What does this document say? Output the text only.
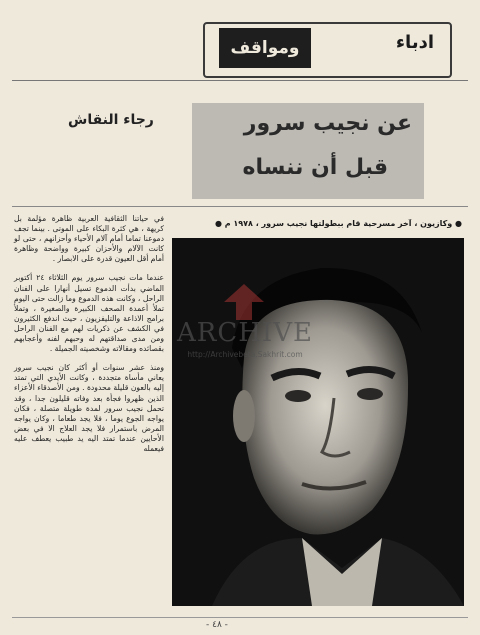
ادباء
ومواقف
عن نجيب سرور
قبل أن ننساه
رجاء النقاش
● وكازيون ، آخر مسرحية قام ببطولتها نجيب سرور ، ١٩٧٨ م ●

في حياتنا الثقافية العربية ظاهرة مؤلمة بل كريهة ، هي كثرة البكاء على الموتى . بينما تجف دموعنا تماما أمام آلام الأحياء وأحزانهم ، حتى لو كانت الآلام والأحزان كبيرة وواضحة وظاهرة أمام أقل العيون قدرة على الابصار .

عندما مات نجيب سرور يوم الثلاثاء ٢٤ أكتوبر الماضي بدأت الدموع تسيل أنهارا على الفنان الراحل ، وكانت هذه الدموع وما زالت حتى اليوم تملأ أعمدة الصحف الكبيرة والصغيرة ، وتملأ برامج الاذاعة والتليفزيون ، حيث اندفع الكثيرون في الكشف عن ذكريات لهم مع الفنان الراحل ومن مدى صداقتهم له وحبهم لفنه وأعجابهم بقصائده ومقالاته وشخصيته الجميلة .

ومنذ عشر سنوات أو أكثر كان نجيب سرور يعاني مأساة متجددة ، وكانت الأيدي التي تمتد إليه بالعون قليلة محدودة . ومن الأصدقاء الأعزاء الذين ظهروا فجأة بعد وفاته قليلون جدا ، وقد تحمل نجيب سرور لمدة طويلة متصلة ، فكان يواجه الجوع يوما ، فلا يجد طعاما ، وكان يواجه المرض باستمرار فلا يجد العلاج الا في بعض الأحايين عندما تمتد اليه يد طبيب يعطف عليه فيعمله

ARCHIVE
http://Archivebeta.Sakhrit.com
- ٤٨ -
